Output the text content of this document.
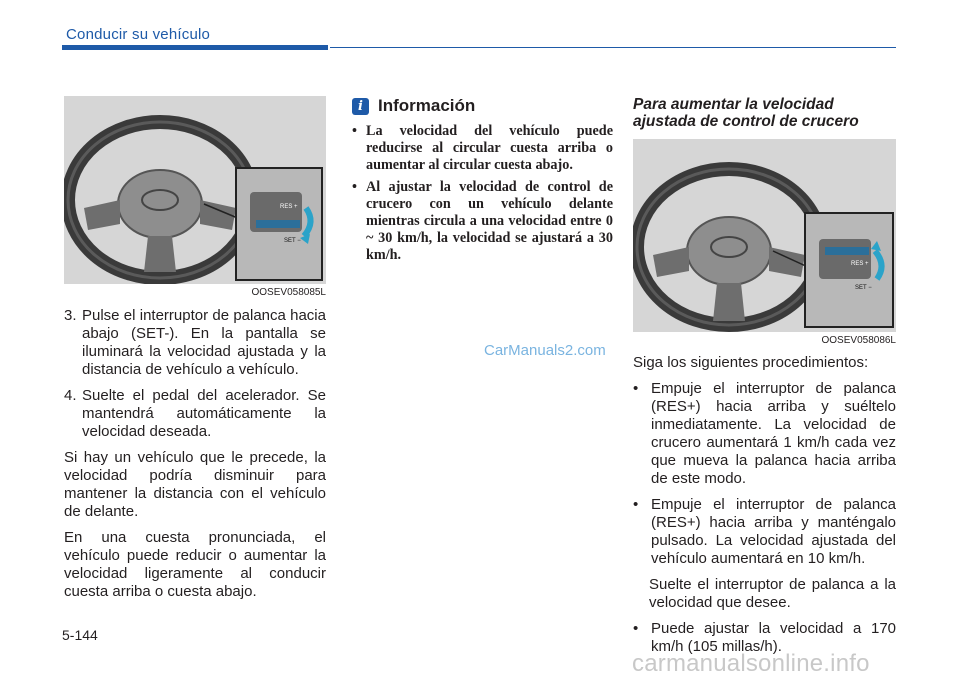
Conducir su vehículo
RES +
SET −
OOSEV058085L
3. Pulse el interruptor de palanca hacia abajo (SET-). En la pantalla se iluminará la velocidad ajustada y la distancia de vehículo a vehículo.
4. Suelte el pedal del acelerador. Se mantendrá automáticamente la velocidad deseada.

Si hay un vehículo que le precede, la velocidad podría disminuir para mantener la distancia con el vehículo de delante.

En una cuesta pronunciada, el vehículo puede reducir o aumentar la velocidad ligeramente al conducir cuesta arriba o cuesta abajo.

i Información
• La velocidad del vehículo puede reducirse al circular cuesta arriba o aumentar al circular cuesta abajo.
• Al ajustar la velocidad de control de crucero con un vehículo delante mientras circula a una velocidad entre 0 ~ 30 km/h, la velocidad se ajustará a 30 km/h.
Para aumentar la velocidad ajustada de control de crucero
RES +
SET −
OOSEV058086L

Siga los siguientes procedimientos:

• Empuje el interruptor de palanca (RES+) hacia arriba y suéltelo inmediatamente. La velocidad de crucero aumentará 1 km/h cada vez que mueva la palanca hacia arriba de este modo.
• Empuje el interruptor de palanca (RES+) hacia arriba y manténgalo pulsado. La velocidad ajustada del vehículo aumentará en 10 km/h.

Suelte el interruptor de palanca a la velocidad que desee.

• Puede ajustar la velocidad a 170 km/h (105 millas/h).
5-144
CarManuals2.com
carmanualsonline.info
